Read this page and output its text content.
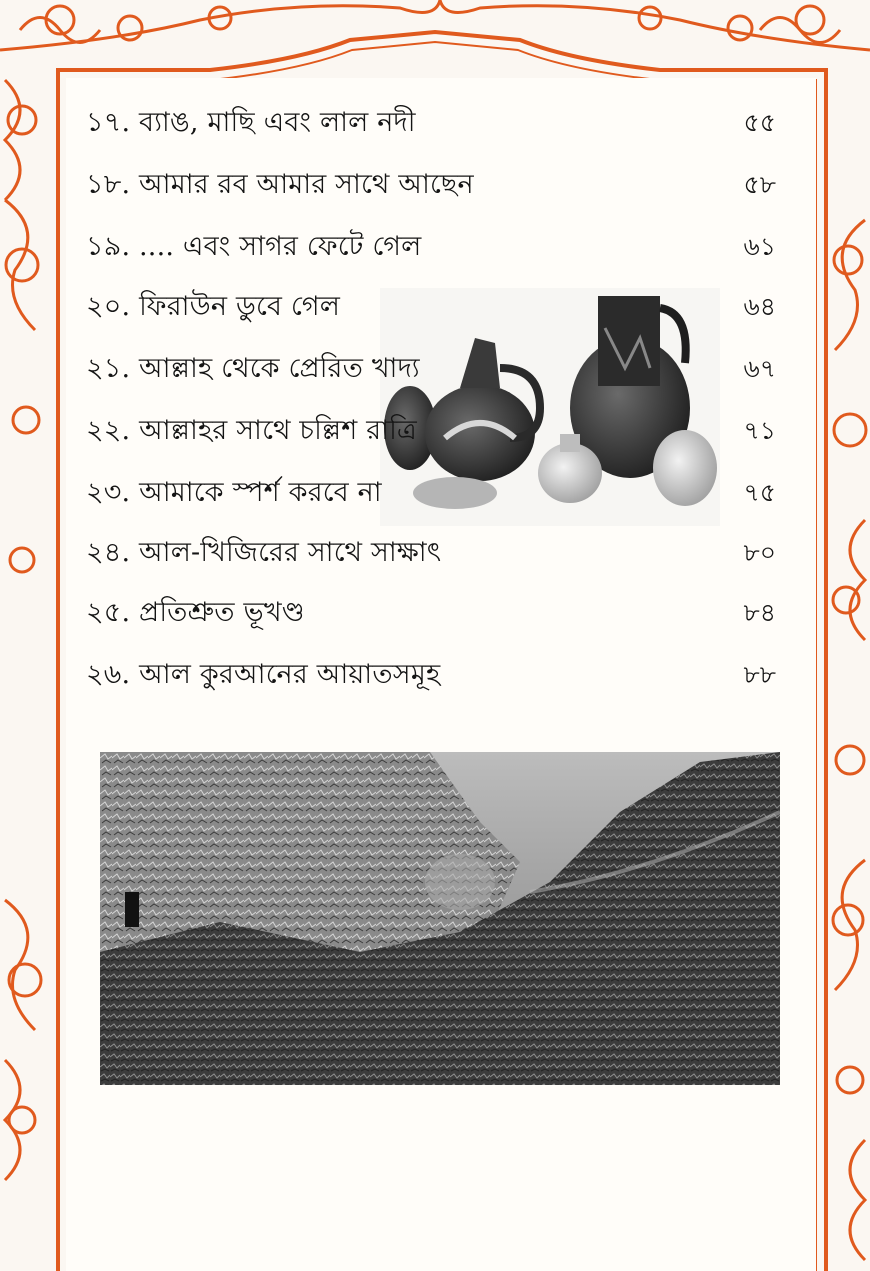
১৭. ব্যাঙ, মাছি এবং লাল নদী	৫৫
১৮. আমার রব আমার সাথে আছেন	৫৮
১৯. .... এবং সাগর ফেটে গেল	৬১
২০. ফিরাউন ডুবে গেল	৬৪
২১. আল্লাহ থেকে প্রেরিত খাদ্য	৬৭
২২. আল্লাহর সাথে চল্লিশ রাত্রি	৭১
২৩. আমাকে স্পর্শ করবে না	৭৫
২৪. আল-খিজিরের সাথে সাক্ষাৎ	৮০
২৫. প্রতিশ্রুত ভূখণ্ড	৮৪
২৬. আল কুরআনের আয়াতসমূহ	৮৮
